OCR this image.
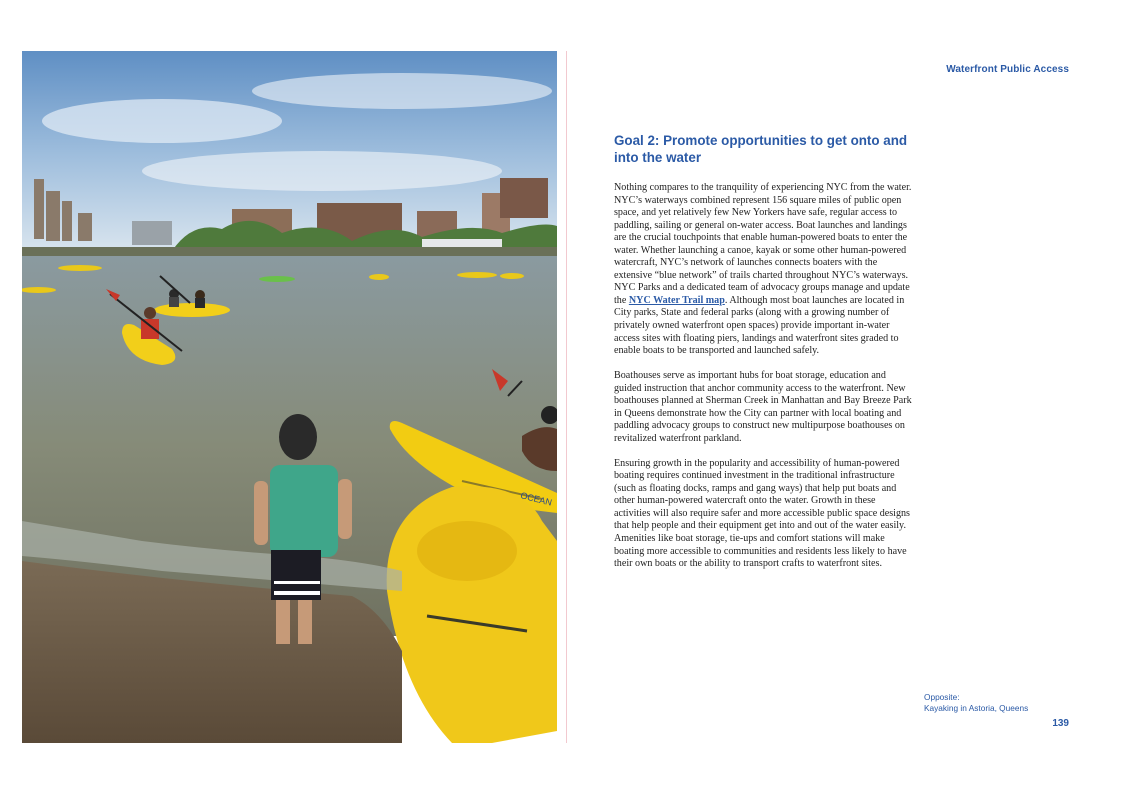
OCEAN
Waterfront Public Access
Goal 2: Promote opportunities to get onto and into the water

Nothing compares to the tranquility of experiencing NYC from the water. NYC’s waterways combined represent 156 square miles of public open space, and yet relatively few New Yorkers have safe, regular access to paddling, sailing or general on-water access. Boat launches and landings are the crucial touchpoints that enable human-powered boats to enter the water. Whether launching a canoe, kayak or some other human-powered watercraft, NYC’s network of launches connects boaters with the extensive “blue network” of trails charted throughout NYC’s waterways. NYC Parks and a dedicated team of advocacy groups manage and update the NYC Water Trail map. Although most boat launches are located in City parks, State and federal parks (along with a growing number of privately owned waterfront open spaces) provide important in-water access sites with floating piers, landings and waterfront sites graded to enable boats to be transported and launched safely.

Boathouses serve as important hubs for boat storage, education and guided instruction that anchor community access to the waterfront. New boathouses planned at Sherman Creek in Manhattan and Bay Breeze Park in Queens demonstrate how the City can partner with local boating and paddling advocacy groups to construct new multipurpose boathouses on revitalized waterfront parkland.

Ensuring growth in the popularity and accessibility of human-powered boating requires continued investment in the traditional infrastructure (such as floating docks, ramps and gang ways) that help put boats and other human-powered watercraft onto the water. Growth in these activities will also require safer and more accessible public space designs that help people and their equipment get into and out of the water easily. Amenities like boat storage, tie-ups and comfort stations will make boating more accessible to communities and residents less likely to have their own boats or the ability to transport crafts to waterfront sites.

Opposite:
Kayaking in Astoria, Queens
139
